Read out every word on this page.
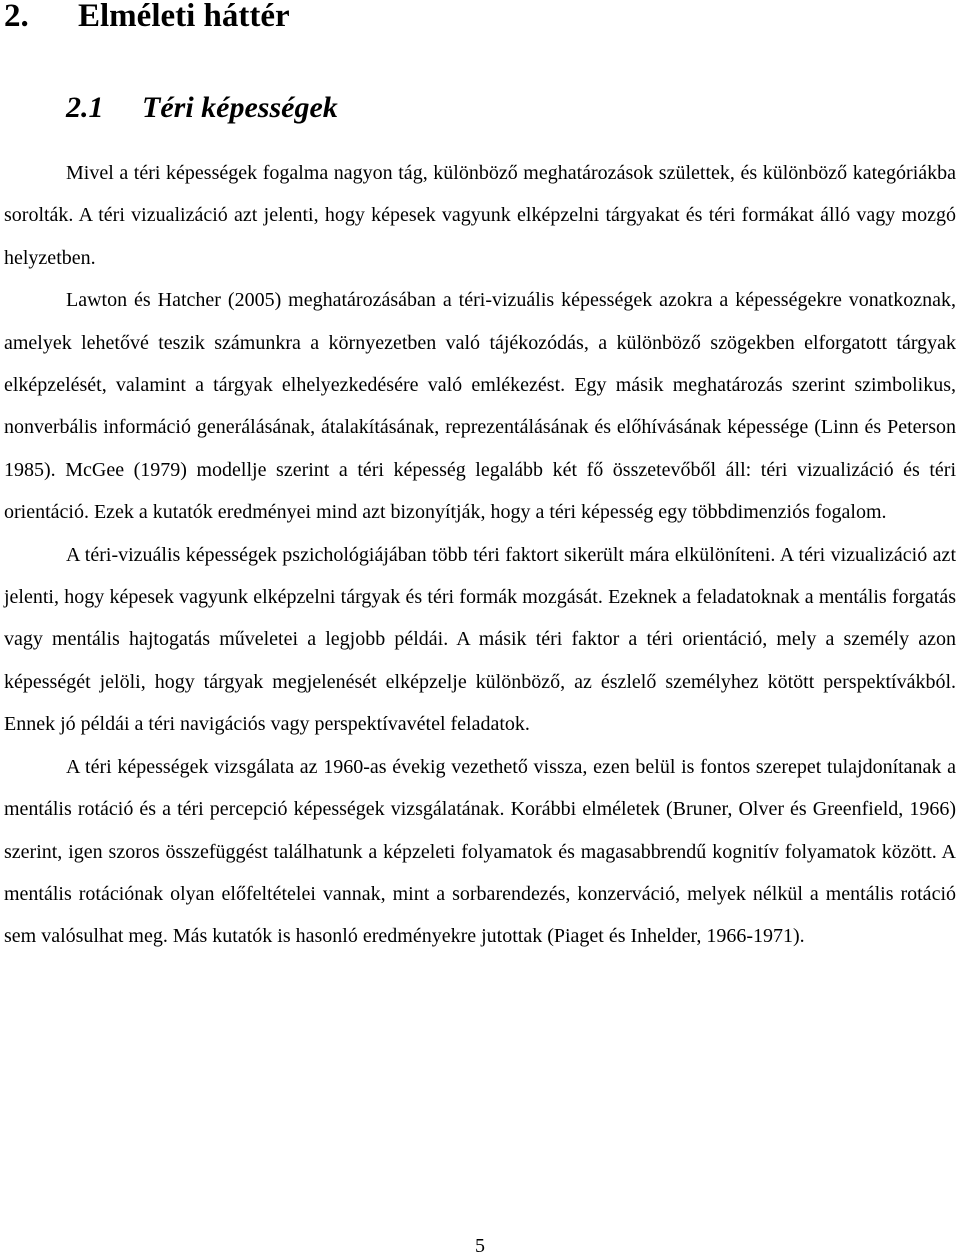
2. Elméleti háttér
2.1 Téri képességek

Mivel a téri képességek fogalma nagyon tág, különböző meghatározások születtek, és különböző kategóriákba sorolták. A téri vizualizáció azt jelenti, hogy képesek vagyunk elképzelni tárgyakat és téri formákat álló vagy mozgó helyzetben.

Lawton és Hatcher (2005) meghatározásában a téri-vizuális képességek azokra a képességekre vonatkoznak, amelyek lehetővé teszik számunkra a környezetben való tájékozódás, a különböző szögekben elforgatott tárgyak elképzelését, valamint a tárgyak elhelyezkedésére való emlékezést. Egy másik meghatározás szerint szimbolikus, nonverbális információ generálásának, átalakításának, reprezentálásának és előhívásának képessége (Linn és Peterson 1985). McGee (1979) modellje szerint a téri képesség legalább két fő összetevőből áll: téri vizualizáció és téri orientáció. Ezek a kutatók eredményei mind azt bizonyítják, hogy a téri képesség egy többdimenziós fogalom.

A téri-vizuális képességek pszichológiájában több téri faktort sikerült mára elkülöníteni. A téri vizualizáció azt jelenti, hogy képesek vagyunk elképzelni tárgyak és téri formák mozgását. Ezeknek a feladatoknak a mentális forgatás vagy mentális hajtogatás műveletei a legjobb példái. A másik téri faktor a téri orientáció, mely a személy azon képességét jelöli, hogy tárgyak megjelenését elképzelje különböző, az észlelő személyhez kötött perspektívákból. Ennek jó példái a téri navigációs vagy perspektívavétel feladatok.

A téri képességek vizsgálata az 1960-as évekig vezethető vissza, ezen belül is fontos szerepet tulajdonítanak a mentális rotáció és a téri percepció képességek vizsgálatának. Korábbi elméletek (Bruner, Olver és Greenfield, 1966) szerint, igen szoros összefüggést találhatunk a képzeleti folyamatok és magasabbrendű kognitív folyamatok között. A mentális rotációnak olyan előfeltételei vannak, mint a sorbarendezés, konzerváció, melyek nélkül a mentális rotáció sem valósulhat meg. Más kutatók is hasonló eredményekre jutottak (Piaget és Inhelder, 1966-1971).

5
